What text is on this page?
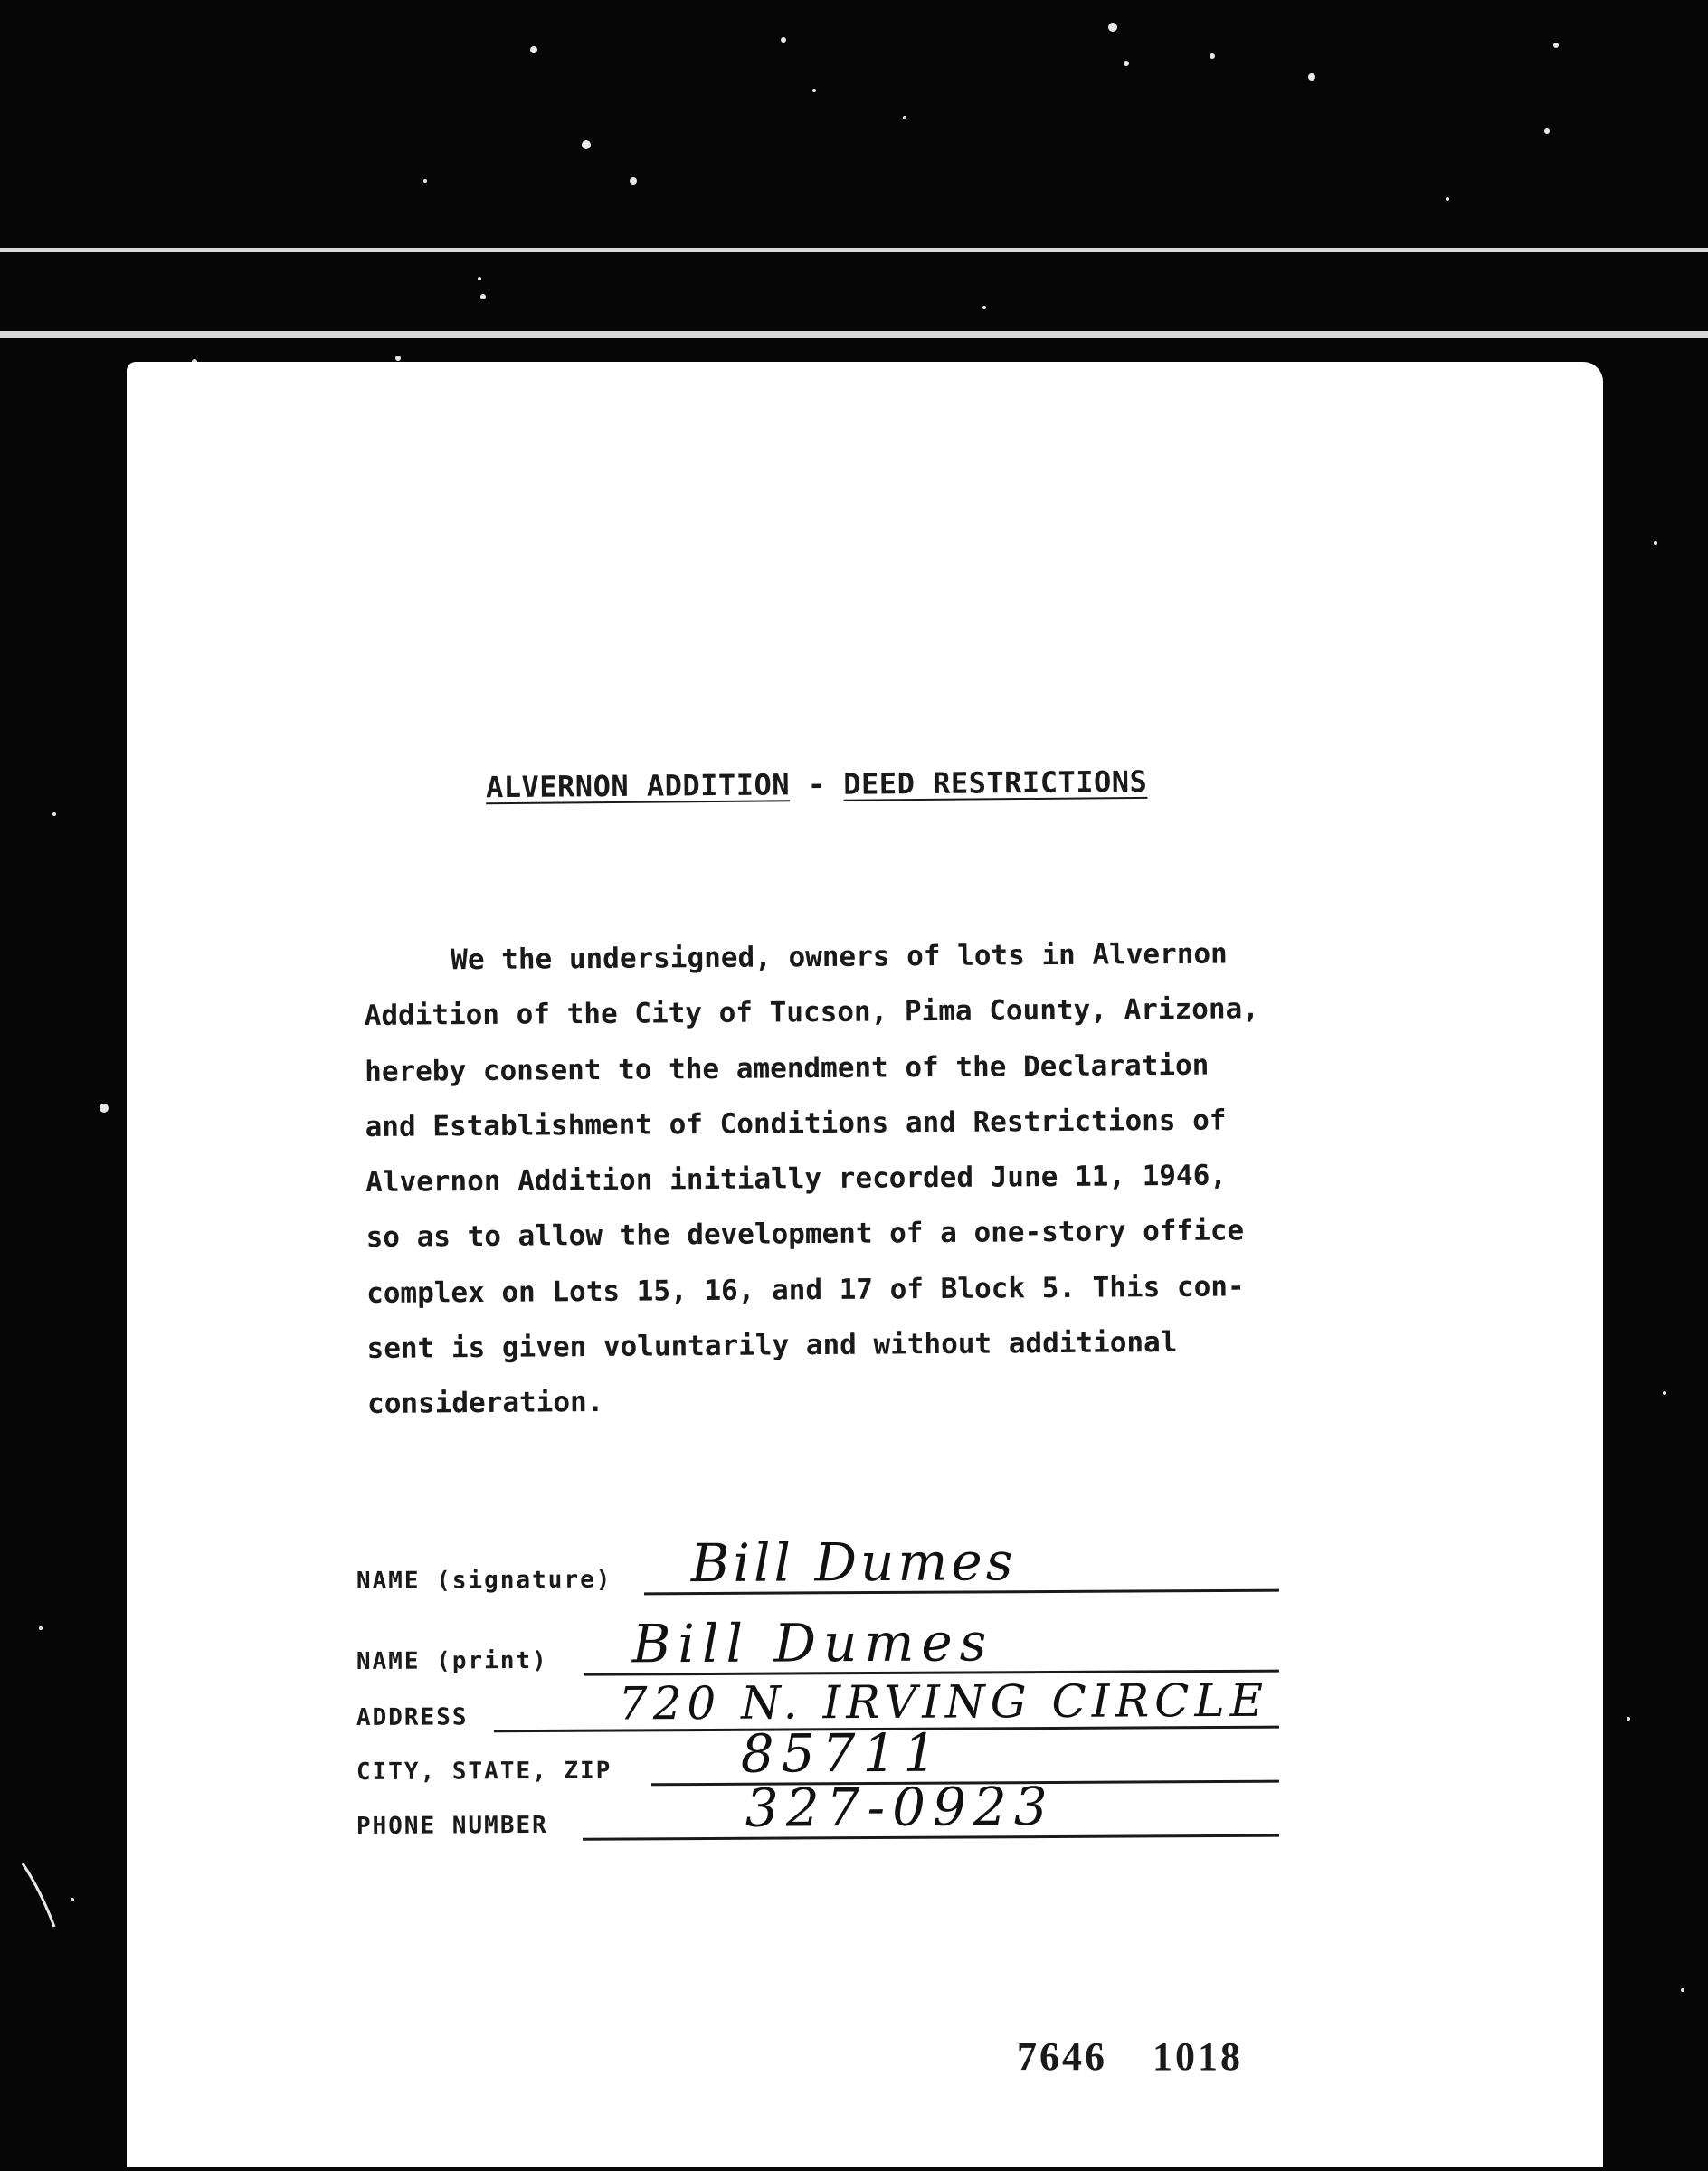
ALVERNON ADDITION - DEED RESTRICTIONS
We the undersigned, owners of lots in Alvernon
Addition of the City of Tucson, Pima County, Arizona,
hereby consent to the amendment of the Declaration
and Establishment of Conditions and Restrictions of
Alvernon Addition initially recorded June 11, 1946,
so as to allow the development of a one-story office
complex on Lots 15, 16, and 17 of Block 5. This con-
sent is given voluntarily and without additional
consideration.
NAME (signature) Bill Dumes
NAME (print) Bill Dumes
ADDRESS	720 N. IRVING CIRCLE
CITY, STATE, ZIP 85711
PHONE NUMBER	327-0923
7646 1018
